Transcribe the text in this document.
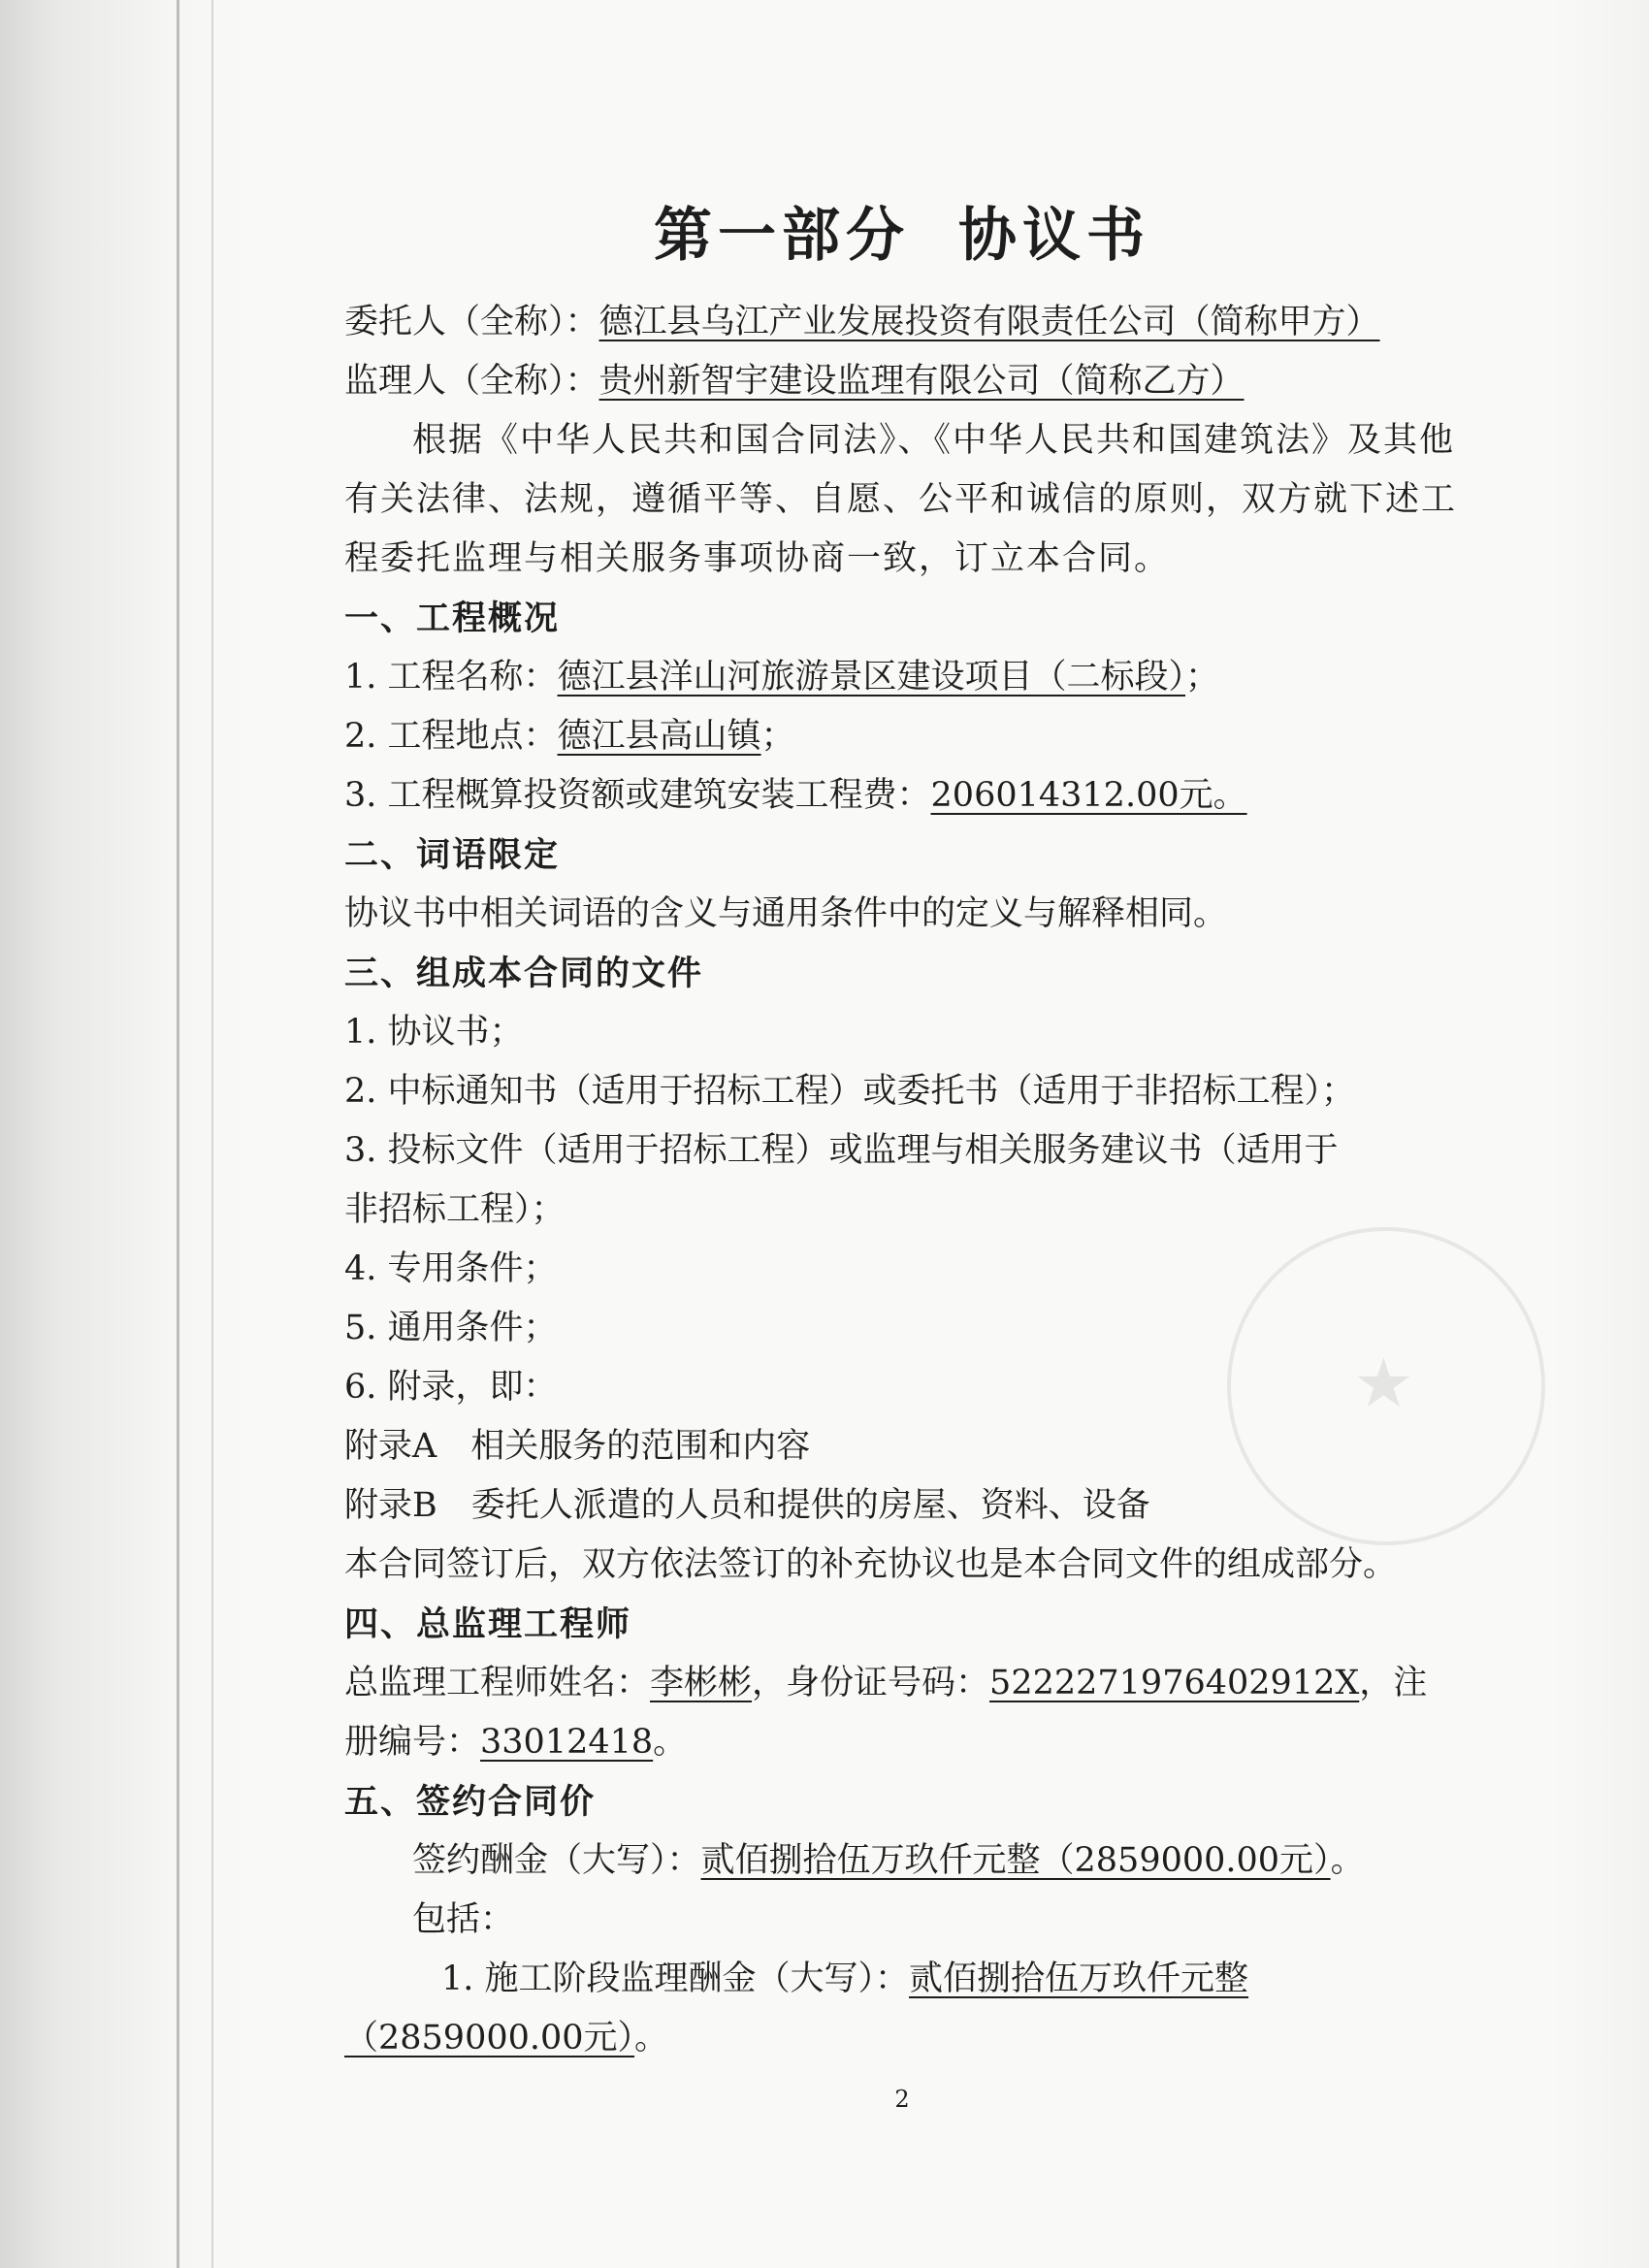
★
第一部分 协议书
委托人（全称）：德江县乌江产业发展投资有限责任公司（简称甲方）
监理人（全称）：贵州新智宇建设监理有限公司（简称乙方）
根据《中华人民共和国合同法》、《中华人民共和国建筑法》及其他有关法律、法规，遵循平等、自愿、公平和诚信的原则，双方就下述工程委托监理与相关服务事项协商一致，订立本合同。
一、工程概况
1. 工程名称：德江县洋山河旅游景区建设项目（二标段）；
2. 工程地点：德江县高山镇；
3. 工程概算投资额或建筑安装工程费：206014312.00元。
二、词语限定
协议书中相关词语的含义与通用条件中的定义与解释相同。
三、组成本合同的文件
1. 协议书；
2. 中标通知书（适用于招标工程）或委托书（适用于非招标工程）；
3. 投标文件（适用于招标工程）或监理与相关服务建议书（适用于
非招标工程）；
4. 专用条件；
5. 通用条件；
6. 附录，即：
附录A　相关服务的范围和内容
附录B　委托人派遣的人员和提供的房屋、资料、设备
本合同签订后，双方依法签订的补充协议也是本合同文件的组成部分。
四、总监理工程师
总监理工程师姓名：李彬彬，身份证号码：522227197640291​2X，注
册编号：33012418。
五、签约合同价
签约酬金（大写）：贰佰捌拾伍万玖仟元整（2859000.00元）。
包括：
1. 施工阶段监理酬金（大写）：贰佰捌拾伍万玖仟元整
（2859000.00元）。
2
